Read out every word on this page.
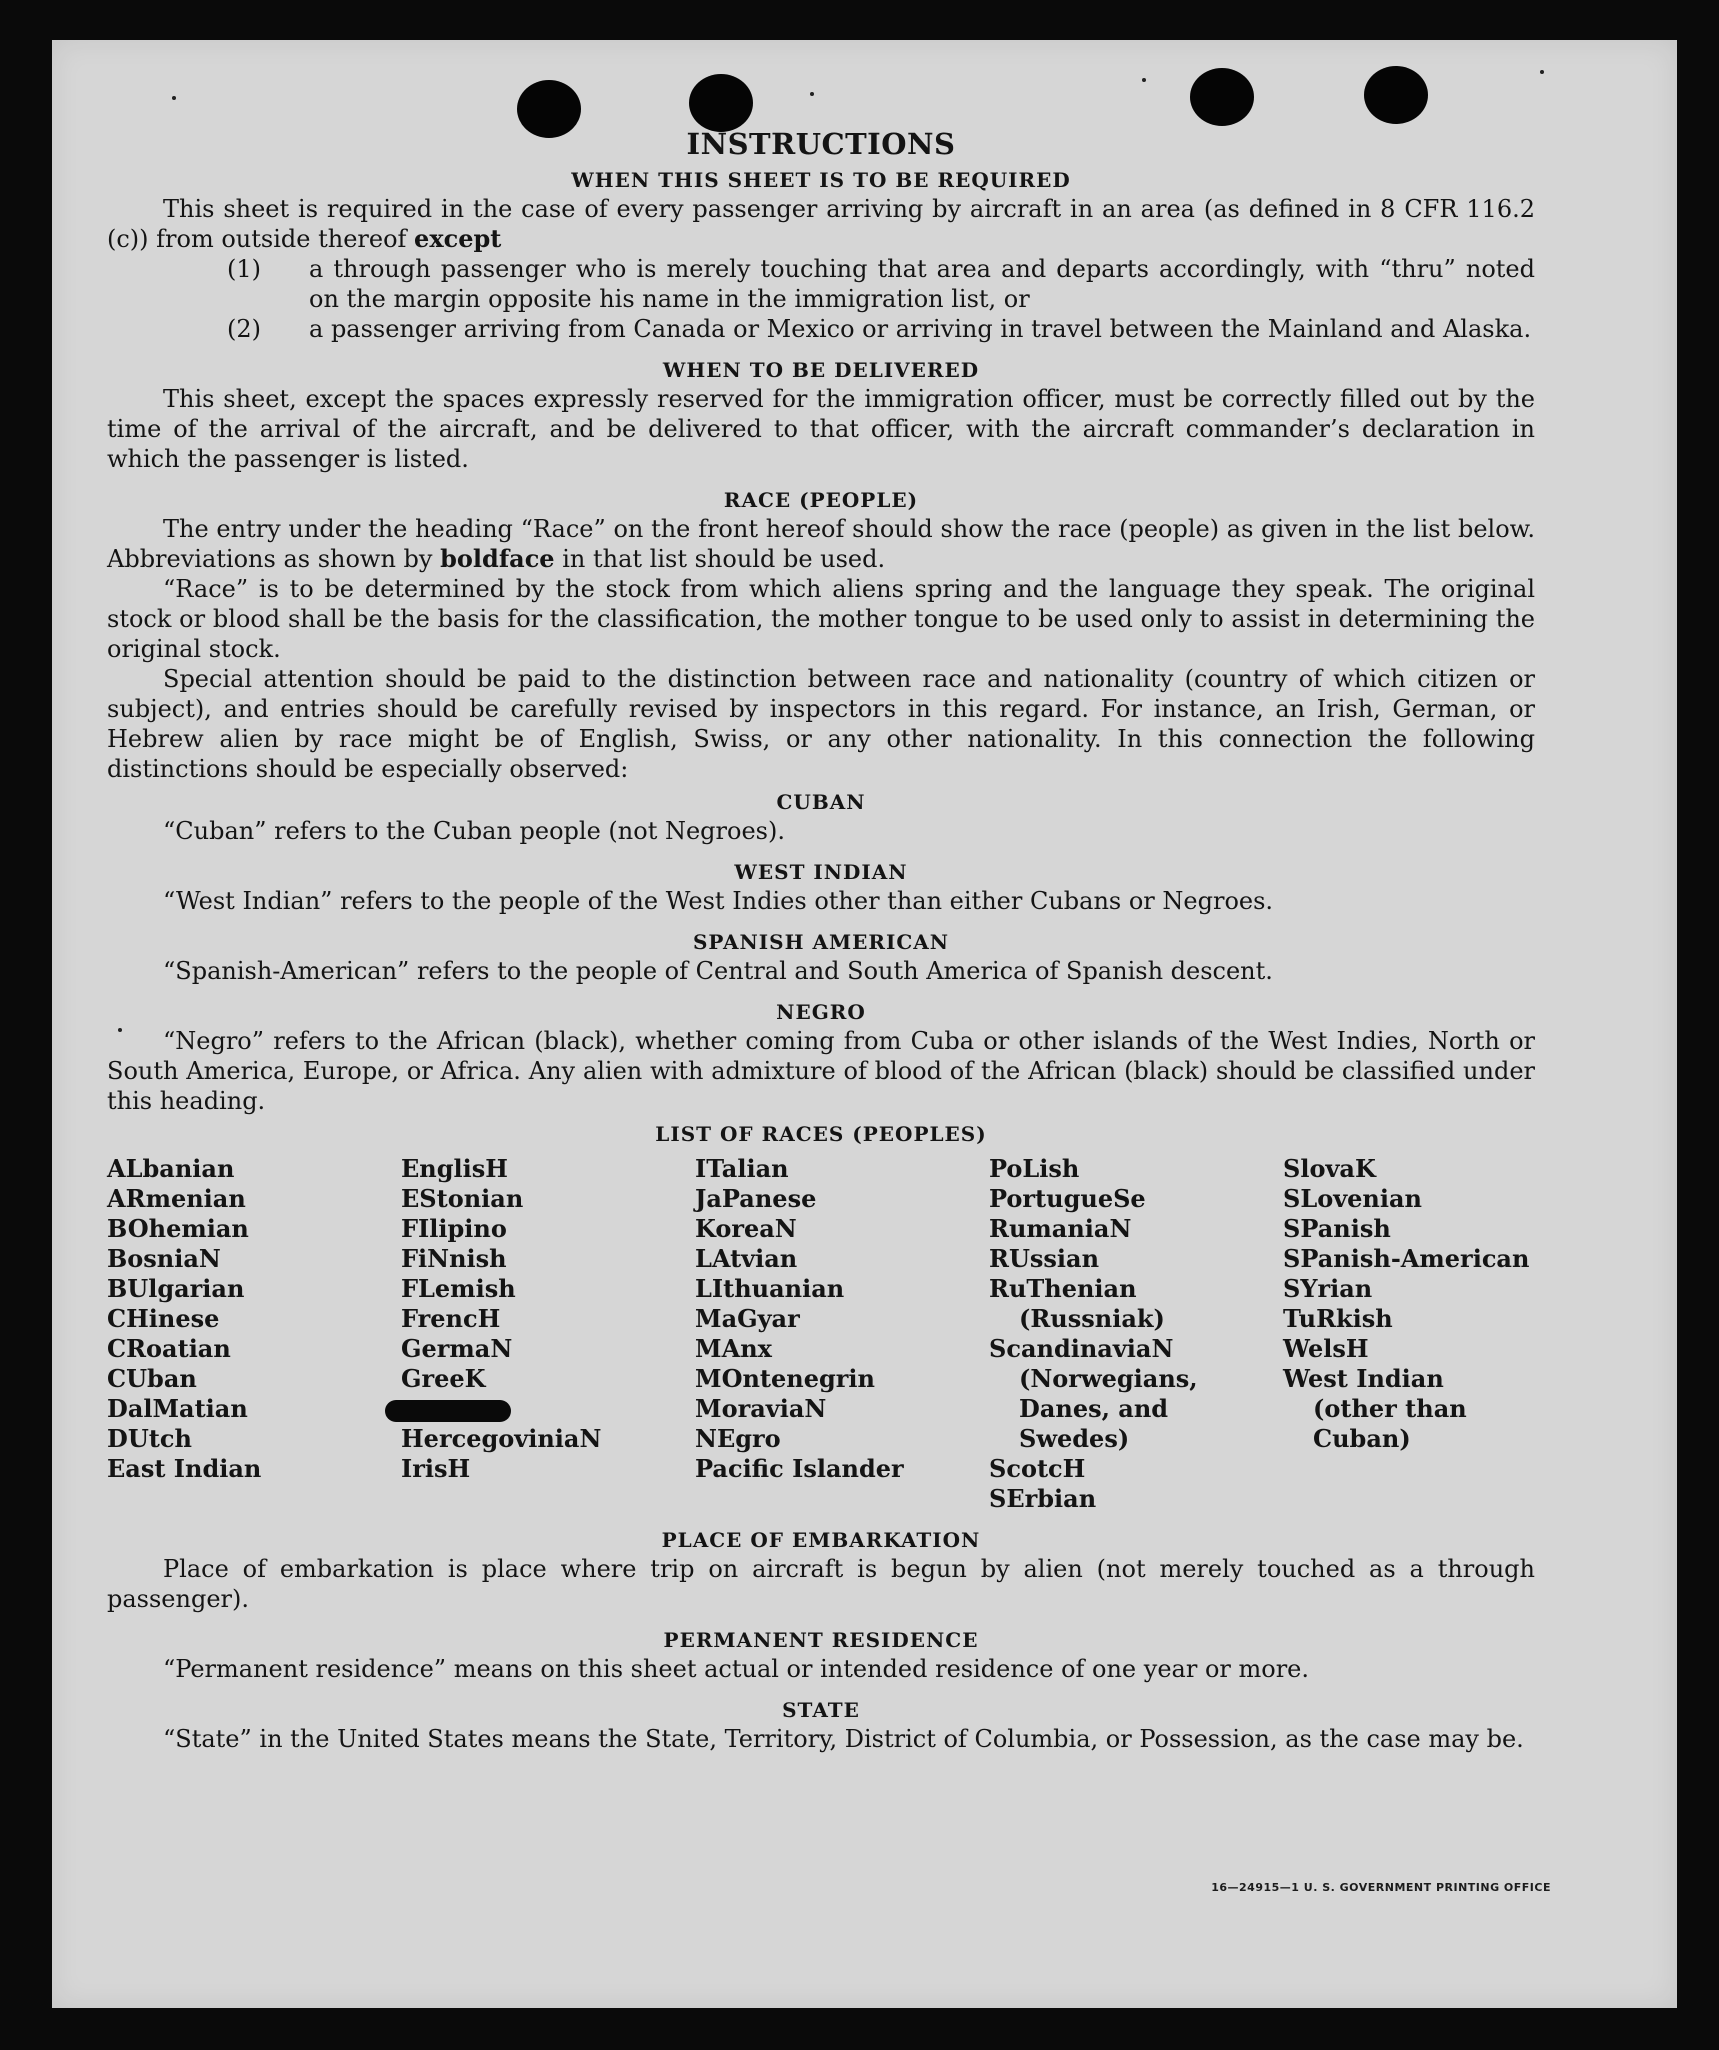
INSTRUCTIONS
WHEN THIS SHEET IS TO BE REQUIRED

This sheet is required in the case of every passenger arriving by aircraft in an area (as defined in 8 CFR 116.2 (c)) from outside thereof except

(1) a through passenger who is merely touching that area and departs accordingly, with “thru” noted on the margin opposite his name in the immigration list, or

(2) a passenger arriving from Canada or Mexico or arriving in travel between the Mainland and Alaska.

WHEN TO BE DELIVERED

This sheet, except the spaces expressly reserved for the immigration officer, must be correctly filled out by the time of the arrival of the aircraft, and be delivered to that officer, with the aircraft commander’s declaration in which the passenger is listed.

RACE (PEOPLE)

The entry under the heading “Race” on the front hereof should show the race (people) as given in the list below. Abbreviations as shown by boldface in that list should be used.

“Race” is to be determined by the stock from which aliens spring and the language they speak. The original stock or blood shall be the basis for the classification, the mother tongue to be used only to assist in determining the original stock.

Special attention should be paid to the distinction between race and nationality (country of which citizen or subject), and entries should be carefully revised by inspectors in this regard. For instance, an Irish, German, or Hebrew alien by race might be of English, Swiss, or any other nationality. In this connection the following distinctions should be especially observed:

CUBAN

“Cuban” refers to the Cuban people (not Negroes).

WEST INDIAN

“West Indian” refers to the people of the West Indies other than either Cubans or Negroes.

SPANISH AMERICAN

“Spanish-American” refers to the people of Central and South America of Spanish descent.

NEGRO

“Negro” refers to the African (black), whether coming from Cuba or other islands of the West Indies, North or South America, Europe, or Africa. Any alien with admixture of blood of the African (black) should be classified under this heading.

LIST OF RACES (PEOPLES)
ALbanian
ARmenian
BOhemian
BosniaN
BUlgarian
CHinese
CRoatian
CUban
DalMatian
DUtch
East Indian
EnglisH
EStonian
FIlipino
FiNnish
FLemish
FrencH
GermaN
GreeK
HercegoviniaN
IrisH
ITalian
JaPanese
KoreaN
LAtvian
LIthuanian
MaGyar
MAnx
MOntenegrin
MoraviaN
NEgro
Pacific Islander
PoLish
PortugueSe
RumaniaN
RUssian
RuThenian (Russniak)
ScandinaviaN (Norwegians, Danes, and Swedes)
ScotcH
SErbian
SlovaK
SLovenian
SPanish
SPanish-American
SYrian
TuRkish
WelsH
West Indian (other than Cuban)
PLACE OF EMBARKATION

Place of embarkation is place where trip on aircraft is begun by alien (not merely touched as a through passenger).

PERMANENT RESIDENCE

“Permanent residence” means on this sheet actual or intended residence of one year or more.

STATE

“State” in the United States means the State, Territory, District of Columbia, or Possession, as the case may be.

16—24915—1 U. S. GOVERNMENT PRINTING OFFICE
